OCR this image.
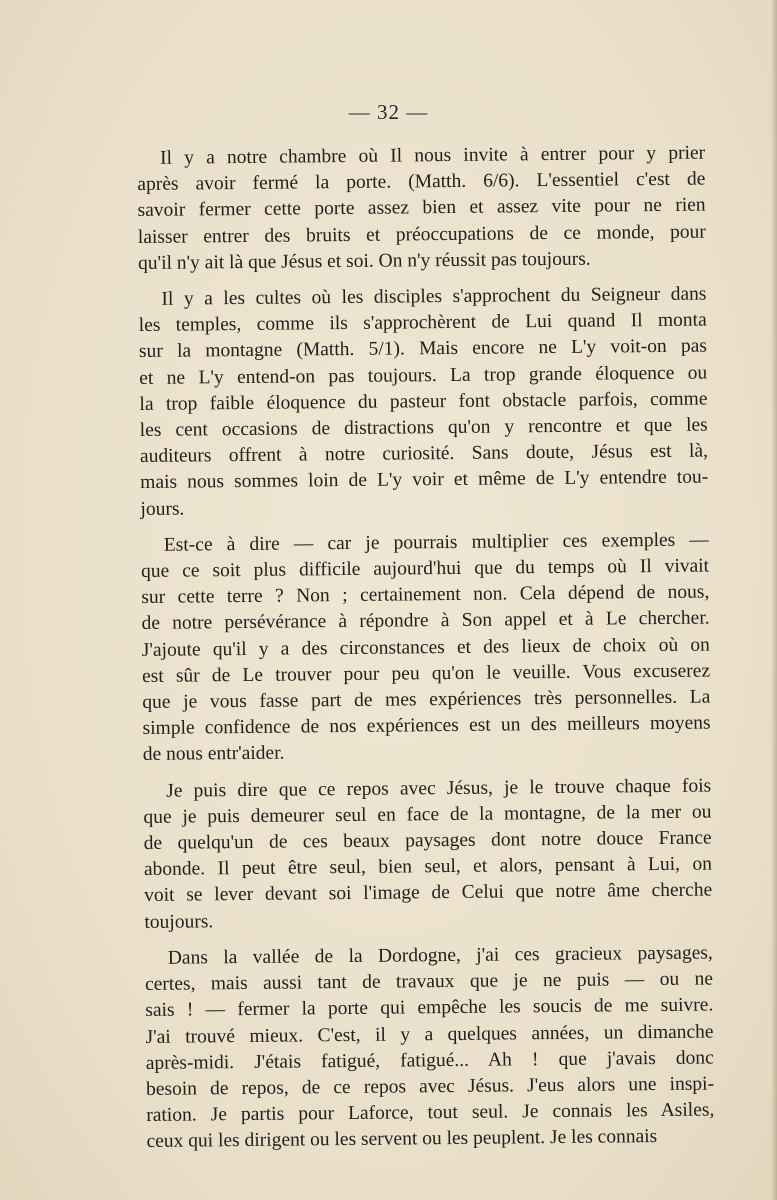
— 32 —

Il y a notre chambre où Il nous invite à entrer pour y prier
après avoir fermé la porte. (Matth. 6/6). L'essentiel c'est de
savoir fermer cette porte assez bien et assez vite pour ne rien
laisser entrer des bruits et préoccupations de ce monde, pour
qu'il n'y ait là que Jésus et soi. On n'y réussit pas toujours.

Il y a les cultes où les disciples s'approchent du Seigneur dans
les temples, comme ils s'approchèrent de Lui quand Il monta
sur la montagne (Matth. 5/1). Mais encore ne L'y voit-on pas
et ne L'y entend-on pas toujours. La trop grande éloquence ou
la trop faible éloquence du pasteur font obstacle parfois, comme
les cent occasions de distractions qu'on y rencontre et que les
auditeurs offrent à notre curiosité. Sans doute, Jésus est là,
mais nous sommes loin de L'y voir et même de L'y entendre tou-
jours.

Est-ce à dire — car je pourrais multiplier ces exemples —
que ce soit plus difficile aujourd'hui que du temps où Il vivait
sur cette terre ? Non ; certainement non. Cela dépend de nous,
de notre persévérance à répondre à Son appel et à Le chercher.
J'ajoute qu'il y a des circonstances et des lieux de choix où on
est sûr de Le trouver pour peu qu'on le veuille. Vous excuserez
que je vous fasse part de mes expériences très personnelles. La
simple confidence de nos expériences est un des meilleurs moyens
de nous entr'aider.

Je puis dire que ce repos avec Jésus, je le trouve chaque fois
que je puis demeurer seul en face de la montagne, de la mer ou
de quelqu'un de ces beaux paysages dont notre douce France
abonde. Il peut être seul, bien seul, et alors, pensant à Lui, on
voit se lever devant soi l'image de Celui que notre âme cherche
toujours.

Dans la vallée de la Dordogne, j'ai ces gracieux paysages,
certes, mais aussi tant de travaux que je ne puis — ou ne
sais ! — fermer la porte qui empêche les soucis de me suivre.
J'ai trouvé mieux. C'est, il y a quelques années, un dimanche
après-midi. J'étais fatigué, fatigué... Ah ! que j'avais donc
besoin de repos, de ce repos avec Jésus. J'eus alors une inspi-
ration. Je partis pour Laforce, tout seul. Je connais les Asiles,
ceux qui les dirigent ou les servent ou les peuplent. Je les connais
